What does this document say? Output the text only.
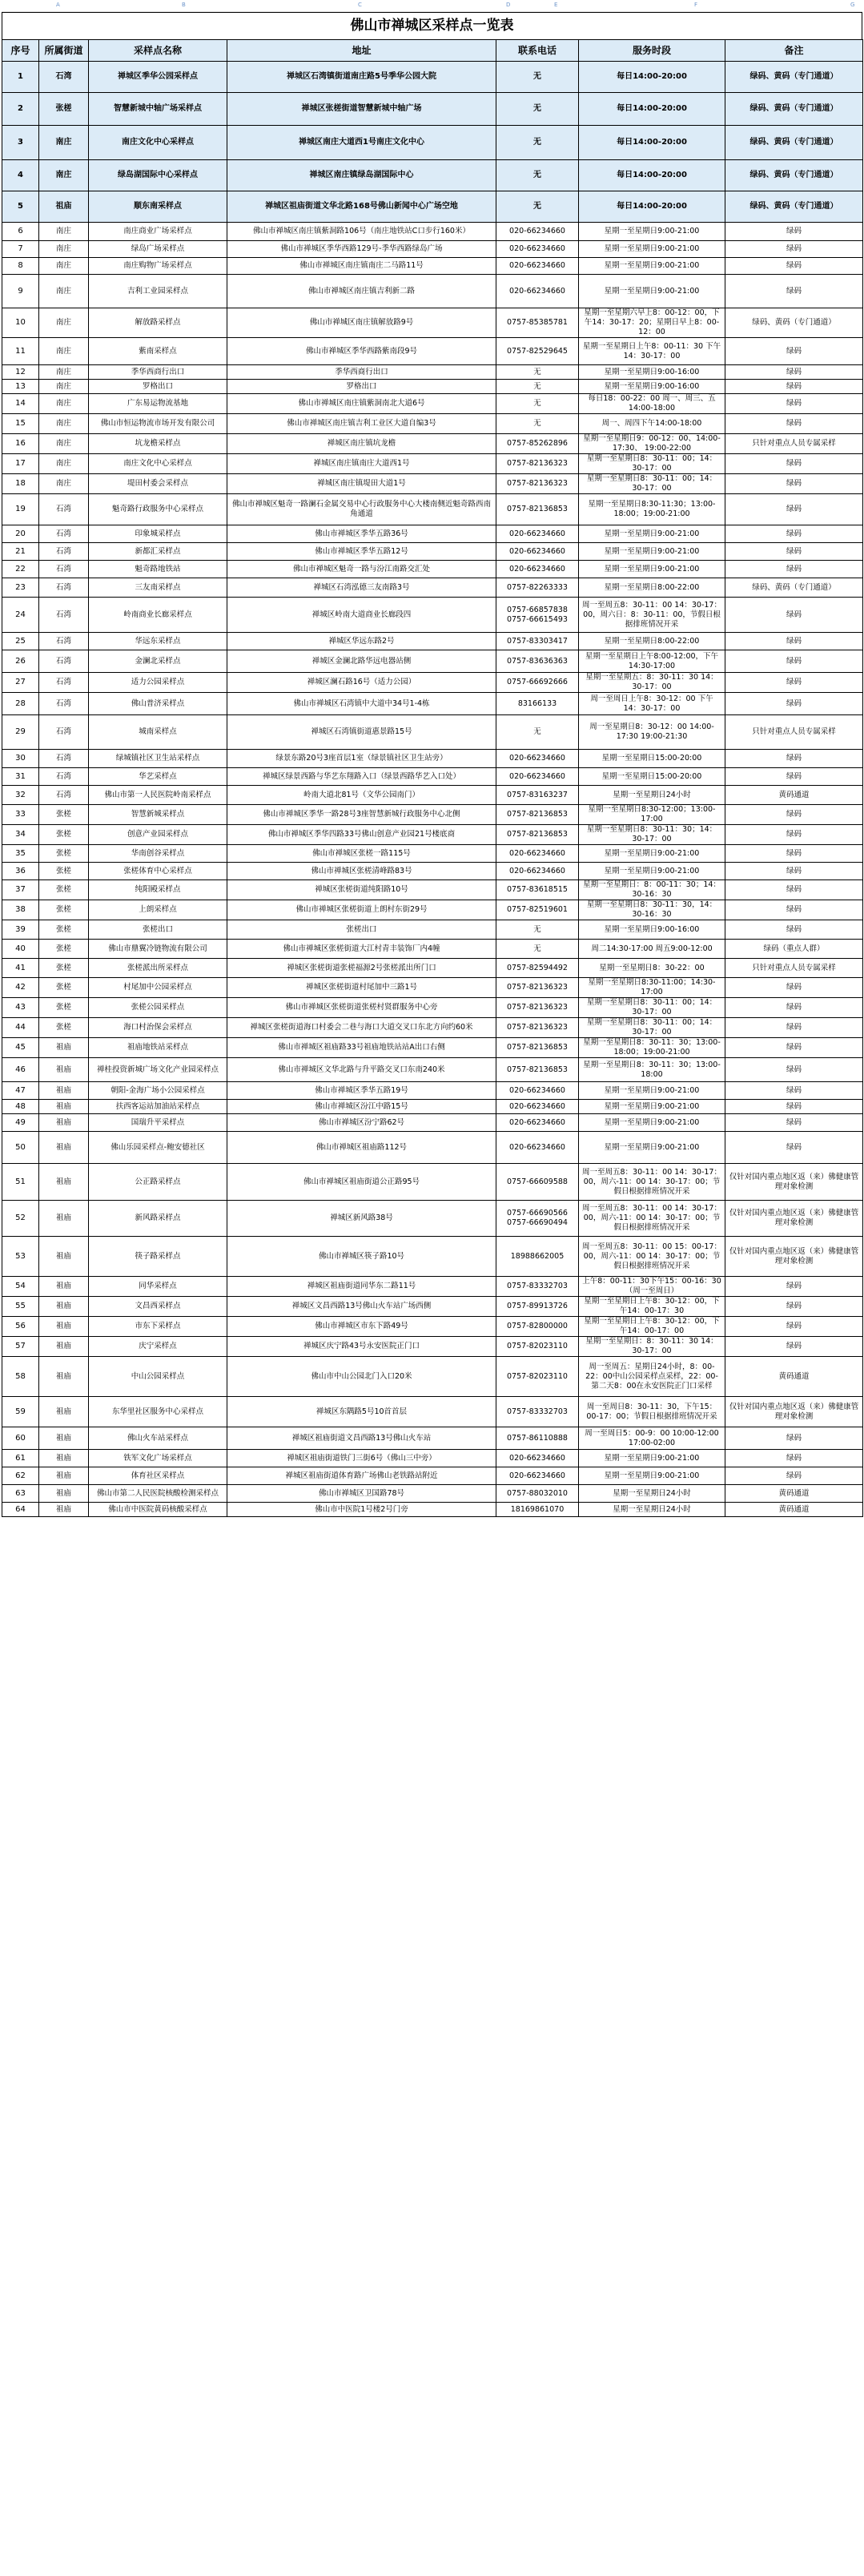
A	B	C	D	E	F	G
佛山市禅城区采样点一览表
序号	所属街道	采样点名称	地址	联系电话	服务时段	备注
1	石湾	禅城区季华公园采样点	禅城区石湾镇街道南庄路5号季华公园大院	无	每日14:00-20:00	绿码、黄码（专门通道）
2	张槎	智慧新城中轴广场采样点	禅城区张槎街道智慧新城中轴广场	无	每日14:00-20:00	绿码、黄码（专门通道）
3	南庄	南庄文化中心采样点	禅城区南庄大道西1号南庄文化中心	无	每日14:00-20:00	绿码、黄码（专门通道）
4	南庄	绿岛湖国际中心采样点	禅城区南庄镇绿岛湖国际中心	无	每日14:00-20:00	绿码、黄码（专门通道）
5	祖庙	顺东南采样点	禅城区祖庙街道文华北路168号佛山新闻中心广场空地	无	每日14:00-20:00	绿码、黄码（专门通道）
6	南庄	南庄商业广场采样点	佛山市禅城区南庄镇紫洞路106号（南庄地铁站C口步行160米）	020-66234660	星期一至星期日9:00-21:00	绿码
7	南庄	绿岛广场采样点	佛山市禅城区季华西路129号-季华西路绿岛广场	020-66234660	星期一至星期日9:00-21:00	绿码
8	南庄	南庄购物广场采样点	佛山市禅城区南庄镇南庄二马路11号	020-66234660	星期一至星期日9:00-21:00	绿码
9	南庄	吉利工业园采样点	佛山市禅城区南庄镇吉利新二路	020-66234660	星期一至星期日9:00-21:00	绿码
10	南庄	解放路采样点	佛山市禅城区南庄镇解放路9号	0757-85385781	星期一至星期六早上8：00-12：00，下午14：30-17：20；星期日早上8：00-12：00	绿码、黄码（专门通道）
11	南庄	紫南采样点	佛山市禅城区季华西路紫南段9号	0757-82529645	星期一至星期日上午8：00-11：30 下午14：30-17：00	绿码
12	南庄	季华西商行出口	季华西商行出口	无	星期一至星期日9:00-16:00	绿码
13	南庄	罗格出口	罗格出口	无	星期一至星期日9:00-16:00	绿码
14	南庄	广东易运物流基地	佛山市禅城区南庄镇紫洞南北大道6号	无	每日18：00-22：00 周一、周三、五14:00-18:00	绿码
15	南庄	佛山市恒运物流市场开发有限公司	佛山市禅城区南庄镇吉利工业区大道自编3号	无	周一、周四下午14:00-18:00	绿码
16	南庄	坑龙檐采样点	禅城区南庄镇坑龙檐	0757-85262896	星期一至星期日9：00-12：00、14:00-17:30、 19:00-22:00	只针对重点人员专属采样
17	南庄	南庄文化中心采样点	禅城区南庄镇南庄大道西1号	0757-82136323	星期一至星期日8：30-11：00；14：30-17：00	绿码
18	南庄	堤田村委会采样点	禅城区南庄镇堤田大道1号	0757-82136323	星期一至星期日8：30-11：00；14：30-17：00	绿码
19	石湾	魁奇路行政服务中心采样点	佛山市禅城区魁奇一路澜石金属交易中心行政服务中心大楼南侧近魁奇路西南角通道	0757-82136853	星期一至星期日8:30-11:30；13:00-18:00；19:00-21:00	绿码
20	石湾	印象城采样点	佛山市禅城区季华五路36号	020-66234660	星期一至星期日9:00-21:00	绿码
21	石湾	新都汇采样点	佛山市禅城区季华五路12号	020-66234660	星期一至星期日9:00-21:00	绿码
22	石湾	魁奇路地铁站	佛山市禅城区魁奇一路与汾江南路交汇处	020-66234660	星期一至星期日9:00-21:00	绿码
23	石湾	三友南采样点	禅城区石湾泓德三友南路3号	0757-82263333	星期一至星期日8:00-22:00	绿码、黄码（专门通道）
24	石湾	岭南商业长廊采样点	禅城区岭南大道商业长廊段四	0757-66857838 0757-66615493	周一至周五8：30-11：00 14：30-17：00，周六日：8：30-11：00，节假日根据排班情况开采	绿码
25	石湾	华远东采样点	禅城区华远东路2号	0757-83303417	星期一至星期日8:00-22:00	绿码
26	石湾	金澜北采样点	禅城区金澜北路华远电器站侧	0757-83636363	星期一至星期日上午8:00-12:00，下午14:30-17:00	绿码
27	石湾	适力公园采样点	禅城区澜石路16号（适力公园）	0757-66692666	星期一至星期五：8：30-11：30 14：30-17：00	绿码
28	石湾	佛山普济采样点	佛山市禅城区石湾镇中大道中34号1-4栋	83166133	周一至周日上午8：30-12：00 下午14：30-17：00	绿码
29	石湾	城南采样点	禅城区石湾镇街道惠景路15号	无	周一至星期日8：30-12：00 14:00-17:30 19:00-21:30	只针对重点人员专属采样
30	石湾	绿城镇社区卫生站采样点	绿景东路20号3座首层1室（绿景镇社区卫生站旁）	020-66234660	星期一至星期日15:00-20:00	绿码
31	石湾	华艺采样点	禅城区绿景西路与华艺东翔路入口（绿景西路华艺入口处）	020-66234660	星期一至星期日15:00-20:00	绿码
32	石湾	佛山市第一人民医院岭南采样点	岭南大道北81号（文华公园南门）	0757-83163237	星期一至星期日24小时	黄码通道
33	张槎	智慧新城采样点	佛山市禅城区季华一路28号3座智慧新城行政服务中心北侧	0757-82136853	星期一至星期日8:30-12:00；13:00-17:00	绿码
34	张槎	创意产业园采样点	佛山市禅城区季华四路33号佛山创意产业园21号楼底商	0757-82136853	星期一至星期日8：30-11：30；14：30-17：00	绿码
35	张槎	华南创谷采样点	佛山市禅城区张槎一路115号	020-66234660	星期一至星期日9:00-21:00	绿码
36	张槎	张槎体育中心采样点	佛山市禅城区张槎清峰路83号	020-66234660	星期一至星期日9:00-21:00	绿码
37	张槎	纯阳殿采样点	禅城区张槎街道纯阳路10号	0757-83618515	星期一至星期日：8：00-11：30；14：30-16：30	绿码
38	张槎	上朗采样点	佛山市禅城区张槎街道上朗村东街29号	0757-82519601	星期一至星期日8：30-11：30，14：30-16：30	绿码
39	张槎	张槎出口	张槎出口	无	星期一至星期日9:00-16:00	绿码
40	张槎	佛山市鼎翼冷链物流有限公司	佛山市禅城区张槎街道大江村青丰装饰厂内4幢	无	周二14:30-17:00 周五9:00-12:00	绿码（重点人群）
41	张槎	张槎派出所采样点	禅城区张槎街道张槎福源2号张槎派出所门口	0757-82594492	星期一至星期日8：30-22：00	只针对重点人员专属采样
42	张槎	村尾加中公园采样点	禅城区张槎街道村尾加中三路1号	0757-82136323	星期一至星期日8:30-11:00；14:30-17:00	绿码
43	张槎	张槎公园采样点	佛山市禅城区张槎街道张槎村贤群服务中心旁	0757-82136323	星期一至星期日8：30-11：00；14：30-17：00	绿码
44	张槎	海口村治保会采样点	禅城区张槎街道海口村委会二巷与海口大道交叉口东北方向约60米	0757-82136323	星期一至星期日8：30-11：00；14：30-17：00	绿码
45	祖庙	祖庙地铁站采样点	佛山市禅城区祖庙路33号祖庙地铁站站A出口右侧	0757-82136853	星期一至星期日8：30-11：30；13:00-18:00；19:00-21:00	绿码
46	祖庙	禅桂投资新城广场文化产业园采样点	佛山市禅城区文华北路与升平路交叉口东南240米	0757-82136853	星期一至星期日8：30-11：30；13:00-18:00	绿码
47	祖庙	朝阳-金海广场小公园采样点	佛山市禅城区季华五路19号	020-66234660	星期一至星期日9:00-21:00	绿码
48	祖庙	扶西客运站加油站采样点	佛山市禅城区汾江中路15号	020-66234660	星期一至星期日9:00-21:00	绿码
49	祖庙	国瑞升平采样点	佛山市禅城区汾宁路62号	020-66234660	星期一至星期日9:00-21:00	绿码
50	祖庙	佛山乐园采样点-鲍安德社区	佛山市禅城区祖庙路112号	020-66234660	星期一至星期日9:00-21:00	绿码
51	祖庙	公正路采样点	佛山市禅城区祖庙街道公正路95号	0757-66609588	周一至周五8：30-11：00 14：30-17：00，周六-11：00 14：30-17：00；节假日根据排班情况开采	仅针对国内重点地区返（来）佛健康管理对象检测
52	祖庙	新风路采样点	禅城区新风路38号	0757-66690566 0757-66690494	周一至周五8：30-11：00 14：30-17：00，周六-11：00 14：30-17：00；节假日根据排班情况开采	仅针对国内重点地区返（来）佛健康管理对象检测
53	祖庙	筷子路采样点	佛山市禅城区筷子路10号	18988662005	周一至周五8：30-11：00 15：00-17：00，周六-11：00 14：30-17：00；节假日根据排班情况开采	仅针对国内重点地区返（来）佛健康管理对象检测
54	祖庙	同华采样点	禅城区祖庙街道同华东二路11号	0757-83332703	上午8：00-11：30下午15：00-16：30（周一至周日）	绿码
55	祖庙	文昌西采样点	禅城区文昌西路13号佛山火车站广场西侧	0757-89913726	星期一至星期日上午8：30-12：00，下午14：00-17：30	绿码
56	祖庙	市东下采样点	佛山市禅城区市东下路49号	0757-82800000	星期一至星期日上午8：30-12：00，下午14：00-17：00	绿码
57	祖庙	庆宁采样点	禅城区庆宁路43号永安医院正门口	0757-82023110	星期一至星期日：8：30-11：30 14：30-17：00	绿码
58	祖庙	中山公园采样点	佛山市中山公园北门入口20米	0757-82023110	周一至周五：星期日24小时，8：00-22：00中山公园采样点采样，22：00-第二天8：00在永安医院正门口采样	黄码通道
59	祖庙	东华里社区服务中心采样点	禅城区东隅路5号10首首层	0757-83332703	周一至周日8：30-11：30，下午15：00-17：00；节假日根据排班情况开采	仅针对国内重点地区返（来）佛健康管理对象检测
60	祖庙	佛山火车站采样点	禅城区祖庙街道文昌西路13号佛山火车站	0757-86110888	周一至周日5：00-9：00 10:00-12:00 17:00-02:00	绿码
61	祖庙	铁军文化广场采样点	禅城区祖庙街道铁门三街6号（佛山三中旁）	020-66234660	星期一至星期日9:00-21:00	绿码
62	祖庙	体育社区采样点	禅城区祖庙街道体育路广场佛山老铁路站附近	020-66234660	星期一至星期日9:00-21:00	绿码
63	祖庙	佛山市第二人民医院核酸检测采样点	佛山市禅城区卫国路78号	0757-88032010	星期一至星期日24小时	黄码通道
64	祖庙	佛山市中医院黄码核酸采样点	佛山市中医院1号楼2号门旁	18169861070	星期一至星期日24小时	黄码通道
